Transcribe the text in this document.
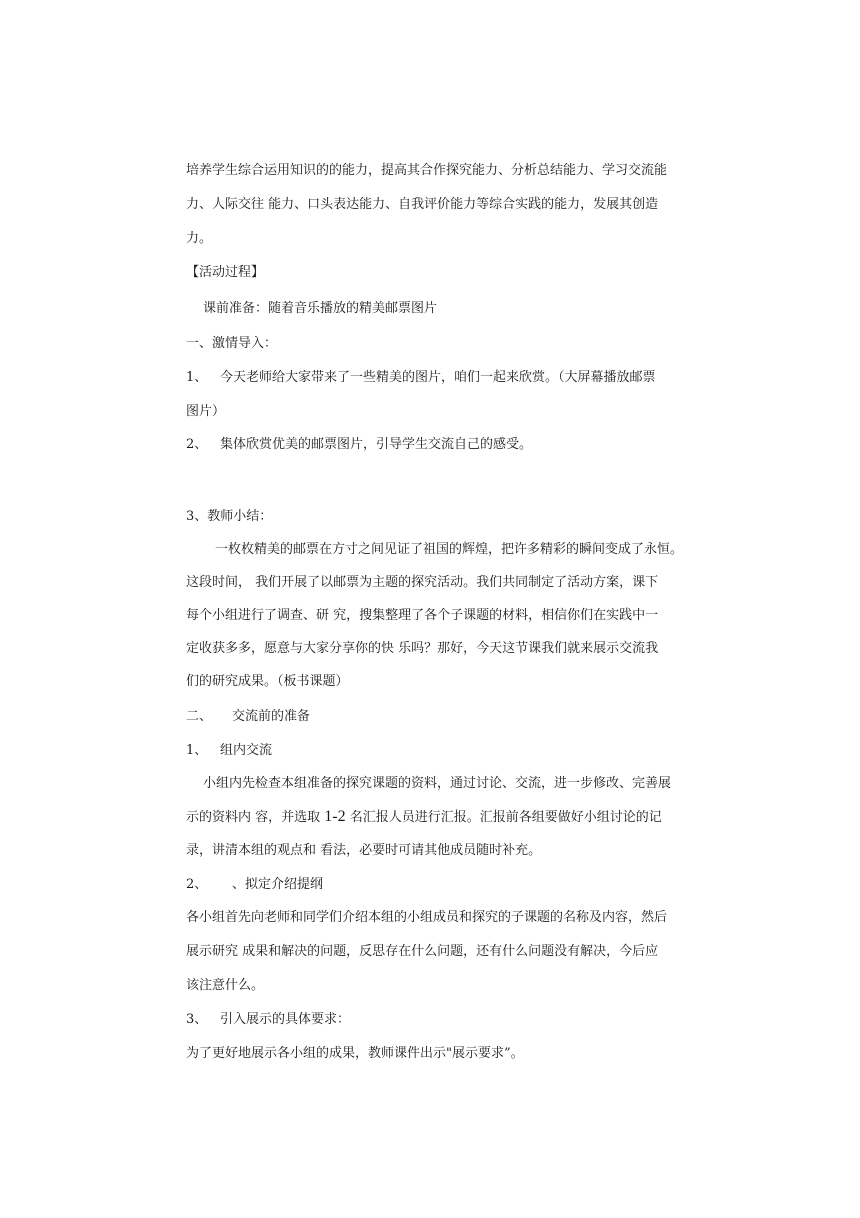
培养学生综合运用知识的的能力，提高其合作探究能力、分析总结能力、学习交流能
力、人际交往 能力、口头表达能力、自我评价能力等综合实践的能力，发展其创造
力。
【活动过程】
课前准备：随着音乐播放的精美邮票图片
一、激情导入：
1、 今天老师给大家带来了一些精美的图片，咱们一起来欣赏。（大屏幕播放邮票
图片）
2、 集体欣赏优美的邮票图片，引导学生交流自己的感受。
3、教师小结：
一枚枚精美的邮票在方寸之间见证了祖国的辉煌，把许多精彩的瞬间变成了永恒。
这段时间， 我们开展了以邮票为主题的探究活动。我们共同制定了活动方案，课下
每个小组进行了调查、研 究，搜集整理了各个子课题的材料，相信你们在实践中一
定收获多多，愿意与大家分享你的快 乐吗？那好，今天这节课我们就来展示交流我
们的研究成果。（板书课题）
二、 交流前的准备
1、 组内交流
小组内先检查本组准备的探究课题的资料，通过讨论、交流，进一步修改、完善展
示的资料内 容，并选取 1-2 名汇报人员进行汇报。汇报前各组要做好小组讨论的记
录，讲清本组的观点和 看法，必要时可请其他成员随时补充。
2、 、拟定介绍提纲
各小组首先向老师和同学们介绍本组的小组成员和探究的子课题的名称及内容，然后
展示研究 成果和解决的问题，反思存在什么问题，还有什么问题没有解决，今后应
该注意什么。
3、 引入展示的具体要求：
为了更好地展示各小组的成果，教师课件出示"展示要求”。
